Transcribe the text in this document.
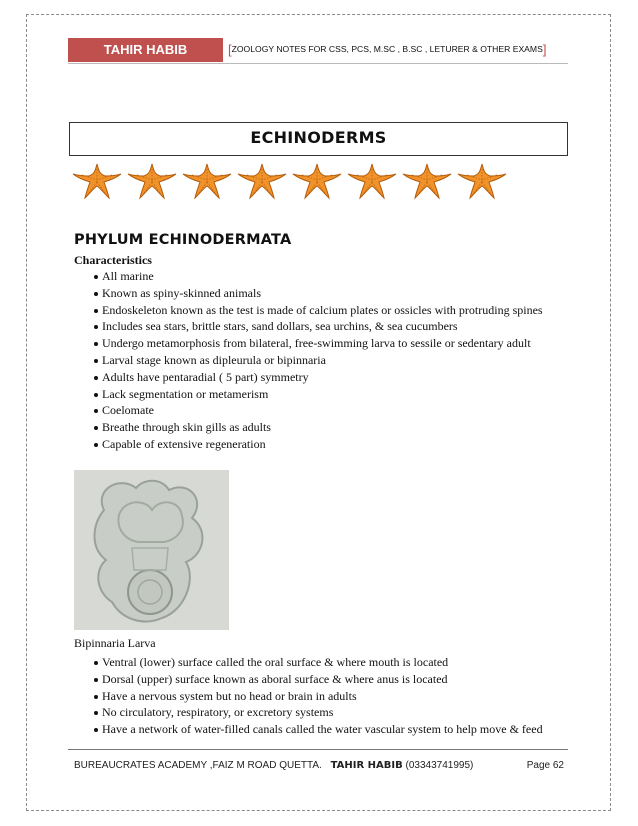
TAHIR HABIB	[ZOOLOGY NOTES FOR CSS, PCS, M.SC , B.SC , LETURER & OTHER EXAMS]
ECHINODERMS
PHYLUM ECHINODERMATA
Characteristics
All marine
Known as spiny-skinned animals
Endoskeleton known as the test is made of calcium plates or ossicles with protruding spines
Includes sea stars, brittle stars, sand dollars, sea urchins, & sea cucumbers
Undergo metamorphosis from bilateral, free-swimming larva to sessile or sedentary adult
Larval stage known as dipleurula or bipinnaria
Adults have pentaradial ( 5 part) symmetry
Lack segmentation or metamerism
Coelomate
Breathe through skin gills as adults
Capable of extensive regeneration
Bipinnaria Larva
Ventral (lower) surface called the oral surface & where mouth is located
Dorsal (upper) surface known as aboral surface & where anus is located
Have a nervous system but no head or brain in adults
No circulatory, respiratory, or excretory systems
Have a network of water-filled canals called the water vascular system to help move & feed
BUREAUCRATES ACADEMY ,FAIZ M ROAD QUETTA. TAHIR HABIB (03343741995)	Page 62
